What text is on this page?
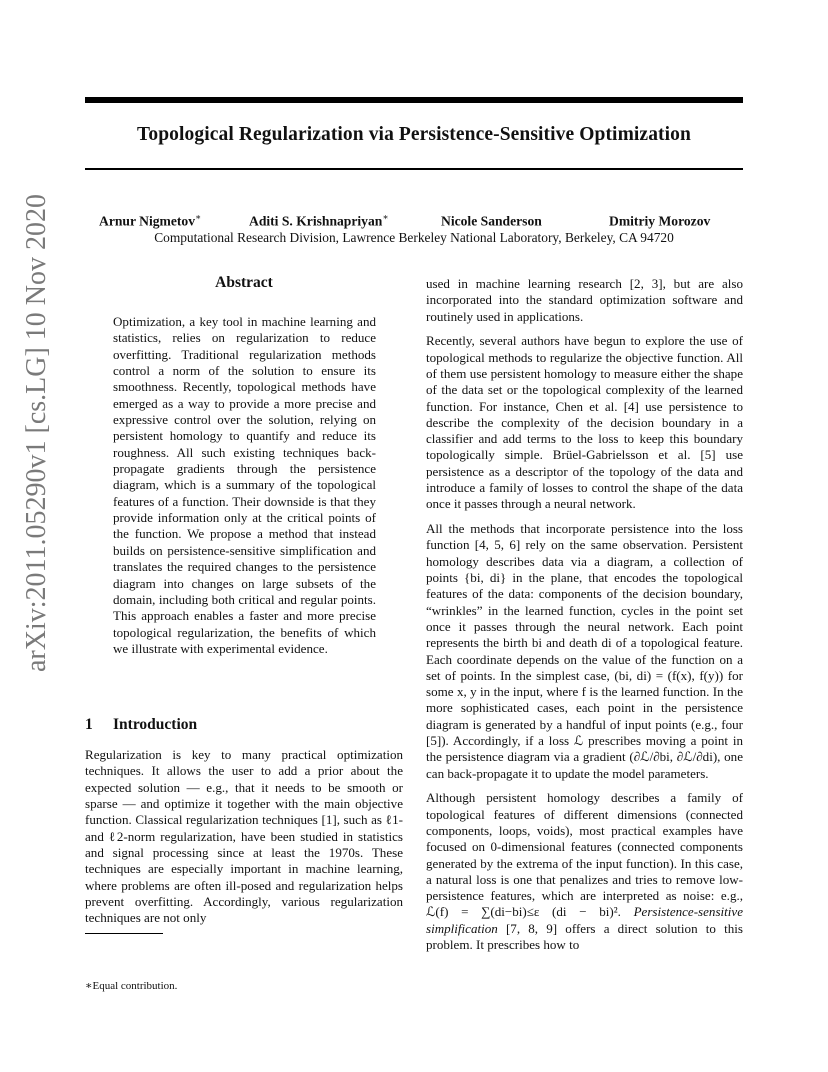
Topological Regularization via Persistence-Sensitive Optimization
Arnur Nigmetov∗	Aditi S. Krishnapriyan∗	Nicole Sanderson	Dmitriy Morozov
Computational Research Division, Lawrence Berkeley National Laboratory, Berkeley, CA 94720
arXiv:2011.05290v1 [cs.LG] 10 Nov 2020	Abstract
Optimization, a key tool in machine learning and statistics, relies on regularization to reduce overfitting. Traditional regularization methods control a norm of the solution to ensure its smoothness. Recently, topological methods have emerged as a way to provide a more precise and expressive control over the solution, relying on persistent homology to quantify and reduce its roughness. All such existing techniques back-propagate gradients through the persistence diagram, which is a summary of the topological features of a function. Their downside is that they provide information only at the critical points of the function. We propose a method that instead builds on persistence-sensitive simplification and translates the required changes to the persistence diagram into changes on large subsets of the domain, including both critical and regular points. This approach enables a faster and more precise topological regularization, the benefits of which we illustrate with experimental evidence.
1 Introduction
Regularization is key to many practical optimization techniques. It allows the user to add a prior about the expected solution — e.g., that it needs to be smooth or sparse — and optimize it together with the main objective function. Classical regularization techniques [1], such as ℓ1- and ℓ2-norm regularization, have been studied in statistics and signal processing since at least the 1970s. These techniques are especially important in machine learning, where problems are often ill-posed and regularization helps prevent overfitting. Accordingly, various regularization techniques are not only
∗Equal contribution.

used in machine learning research [2, 3], but are also incorporated into the standard optimization software and routinely used in applications.

Recently, several authors have begun to explore the use of topological methods to regularize the objective function. All of them use persistent homology to measure either the shape of the data set or the topological complexity of the learned function. For instance, Chen et al. [4] use persistence to describe the complexity of the decision boundary in a classifier and add terms to the loss to keep this boundary topologically simple. Brüel-Gabrielsson et al. [5] use persistence as a descriptor of the topology of the data and introduce a family of losses to control the shape of the data once it passes through a neural network.

All the methods that incorporate persistence into the loss function [4, 5, 6] rely on the same observation. Persistent homology describes data via a diagram, a collection of points {bi, di} in the plane, that encodes the topological features of the data: components of the decision boundary, “wrinkles” in the learned function, cycles in the point set once it passes through the neural network. Each point represents the birth bi and death di of a topological feature. Each coordinate depends on the value of the function on a set of points. In the simplest case, (bi, di) = (f(x), f(y)) for some x, y in the input, where f is the learned function. In the more sophisticated cases, each point in the persistence diagram is generated by a handful of input points (e.g., four [5]). Accordingly, if a loss ℒ prescribes moving a point in the persistence diagram via a gradient (∂ℒ/∂bi, ∂ℒ/∂di), one can back-propagate it to update the model parameters.

Although persistent homology describes a family of topological features of different dimensions (connected components, loops, voids), most practical examples have focused on 0-dimensional features (connected components generated by the extrema of the input function). In this case, a natural loss is one that penalizes and tries to remove low-persistence features, which are interpreted as noise: e.g., ℒ(f) = ∑(di−bi)≤ε (di − bi)². Persistence-sensitive simplification [7, 8, 9] offers a direct solution to this problem. It prescribes how to
